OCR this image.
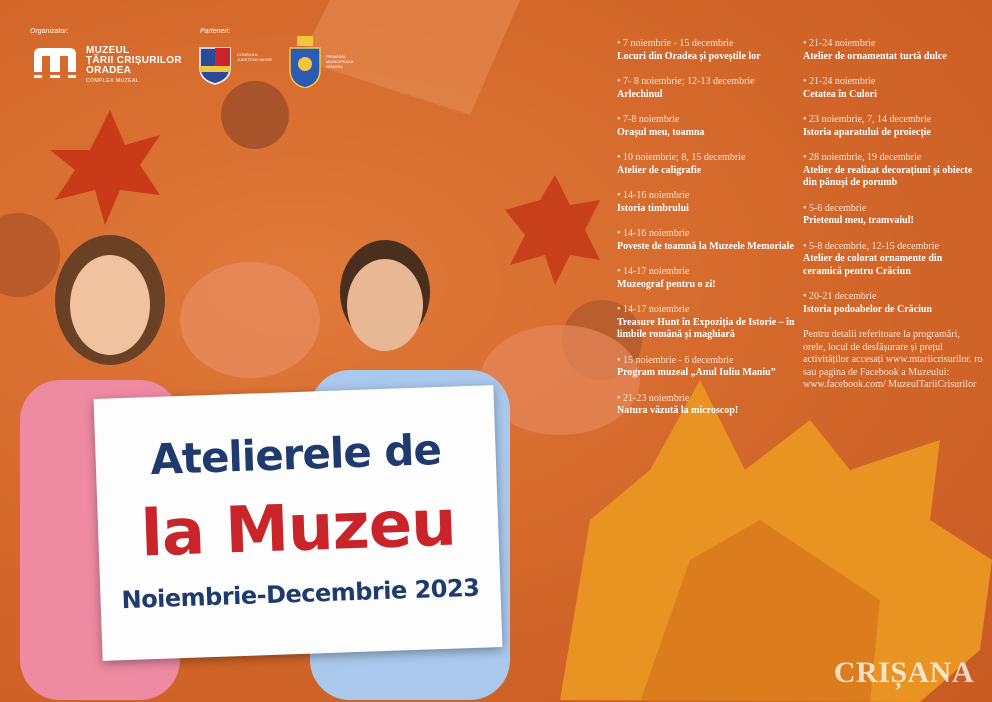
Organizator:	Parteneri:
MUZEUL
ȚĂRII CRIȘURILOR
ORADEA
COMPLEX MUZEAL
CONSILIUL JUDEȚEAN BIHOR
PRIMĂRIA MUNICIPIULUI ORADEA
Atelierele de
la Muzeu
Noiembrie-Decembrie 2023
• 7 noiembrie - 15 decembrie
Locuri din Oradea și poveștile lor
• 7- 8 noiembrie; 12-13 decembrie
Arlechinul
• 7-8 noiembrie
Orașul meu, toamna
• 10 noiembrie; 8, 15 decembrie
Atelier de caligrafie
• 14-16 noiembrie
Istoria timbrului
• 14-16 noiembrie
Poveste de toamnă la Muzeele Memoriale
• 14-17 noiembrie
Muzeograf pentru o zi!
• 14-17 noiembrie
Treasure Hunt în Expoziția de Istorie – în limbile română și maghiară
• 15 noiembrie - 6 decembrie
Program muzeal „Anul Iuliu Maniu”
• 21-23 noiembrie
Natura văzută la microscop!
• 21-24 noiembrie
Atelier de ornamentat turtă dulce
• 21-24 noiembrie
Cetatea în Culori
• 23 noiembrie, 7, 14 decembrie
Istoria aparatului de proiecție
• 28 noiembrie, 19 decembrie
Atelier de realizat decorațiuni și obiecte din pănuși de porumb
• 5-6 decembrie
Prietenul meu, tramvaiul!
• 5-8 decembrie, 12-15 decembrie
Atelier de colorat ornamente din ceramică pentru Crăciun
• 20-21 decembrie
Istoria podoabelor de Crăciun
Pentru detalii referitoare la programări, orele, locul de desfășurare și prețul activităților accesați www.mtariicrisurilor. ro sau pagina de Facebook a Muzeului: www.facebook.com/ MuzeulTariiCrisurilor
CRIȘANA
